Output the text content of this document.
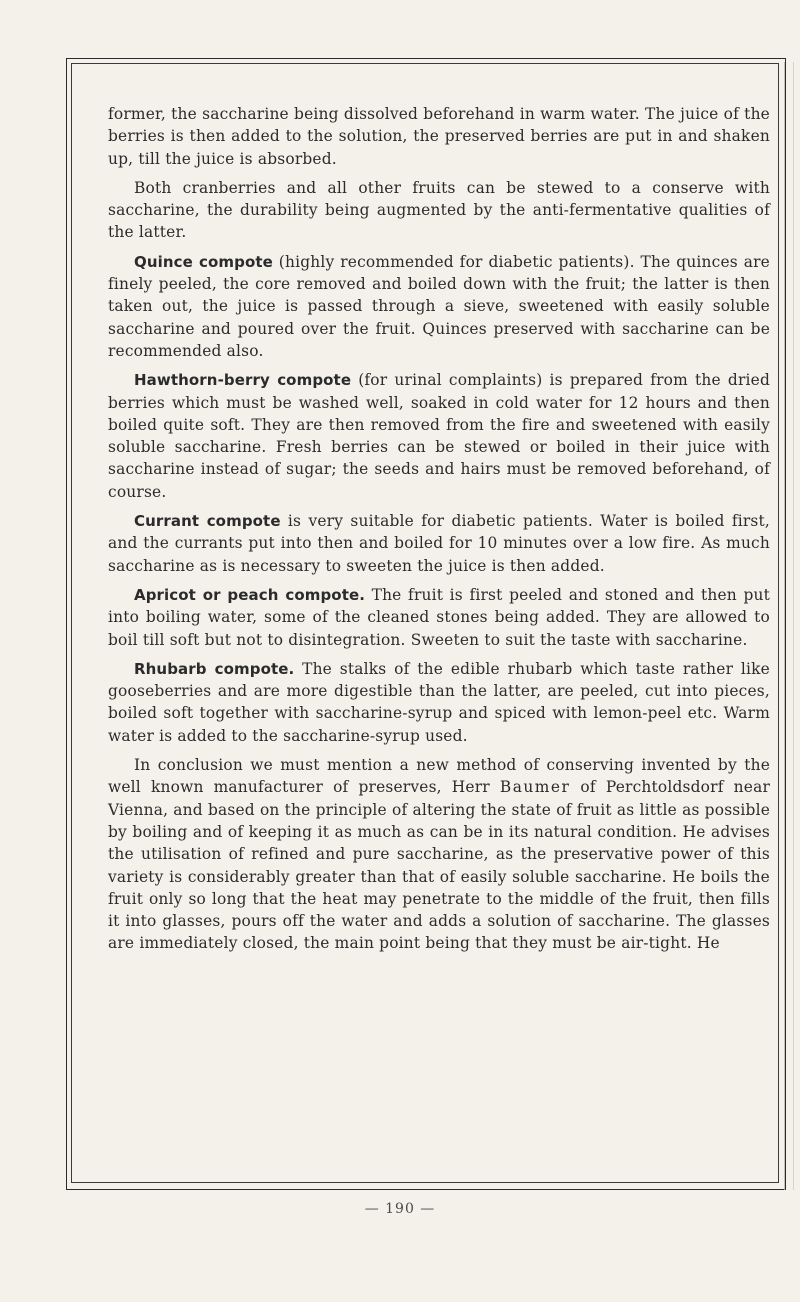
former, the saccharine being dissolved beforehand in warm water. The juice of the berries is then added to the solution, the preserved berries are put in and shaken up, till the juice is absorbed.

Both cranberries and all other fruits can be stewed to a conserve with saccharine, the durability being augmented by the anti-fermentative qualities of the latter.

Quince compote (highly recommended for diabetic patients). The quinces are finely peeled, the core removed and boiled down with the fruit; the latter is then taken out, the juice is passed through a sieve, sweetened with easily soluble saccharine and poured over the fruit. Quinces preserved with saccharine can be recommended also.

Hawthorn-berry compote (for urinal complaints) is prepared from the dried berries which must be washed well, soaked in cold water for 12 hours and then boiled quite soft. They are then removed from the fire and sweetened with easily soluble saccharine. Fresh berries can be stewed or boiled in their juice with saccharine instead of sugar; the seeds and hairs must be removed beforehand, of course.

Currant compote is very suitable for diabetic patients. Water is boiled first, and the currants put into then and boiled for 10 minutes over a low fire. As much saccharine as is necessary to sweeten the juice is then added.

Apricot or peach compote. The fruit is first peeled and stoned and then put into boiling water, some of the cleaned stones being added. They are allowed to boil till soft but not to disintegration. Sweeten to suit the taste with saccharine.

Rhubarb compote. The stalks of the edible rhubarb which taste rather like gooseberries and are more digestible than the latter, are peeled, cut into pieces, boiled soft together with saccharine-syrup and spiced with lemon-peel etc. Warm water is added to the saccharine-syrup used.

In conclusion we must mention a new method of conserving invented by the well known manufacturer of preserves, Herr Baumer of Perchtoldsdorf near Vienna, and based on the principle of altering the state of fruit as little as possible by boiling and of keeping it as much as can be in its natural condition. He advises the utilisation of refined and pure saccharine, as the preservative power of this variety is considerably greater than that of easily soluble saccharine. He boils the fruit only so long that the heat may penetrate to the middle of the fruit, then fills it into glasses, pours off the water and adds a solution of saccharine. The glasses are immediately closed, the main point being that they must be air-tight. He

— 190 —
